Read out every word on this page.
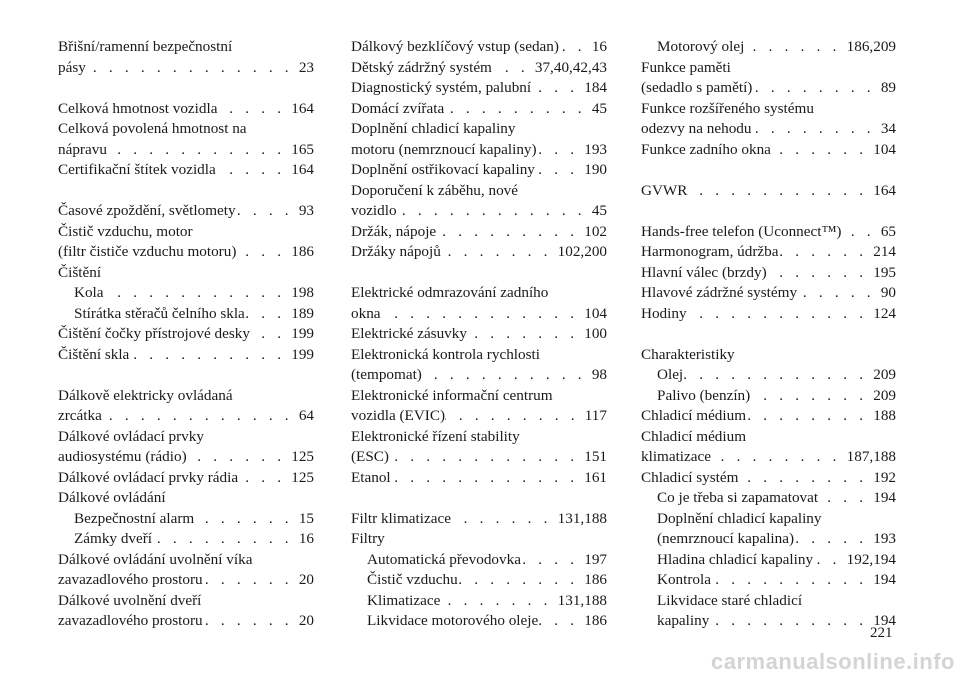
Břišní/ramenní bezpečnostní
pásy . . .	23
Celková hmotnost vozidla . . .	164
Celková povolená hmotnost na
nápravu . . .	165
Certifikační štítek vozidla . . .	164
Časové zpoždění, světlomety . . .	93
Čistič vzduchu, motor
(filtr čističe vzduchu motoru) . . .	186
Čištění
Kola . . .	198
Stírátka stěračů čelního skla . . .	189
Čištění čočky přístrojové desky . . .	199
Čištění skla . . .	199
Dálkově elektricky ovládaná
zrcátka . . .	64
Dálkové ovládací prvky
audiosystému (rádio) . . .	125
Dálkové ovládací prvky rádia . . .	125
Dálkové ovládání
Bezpečnostní alarm . . .	15
Zámky dveří . . .	16
Dálkové ovládání uvolnění víka
zavazadlového prostoru . . .	20
Dálkové uvolnění dveří
zavazadlového prostoru . . .	20
Dálkový bezklíčový vstup (sedan) . . . 16
Dětský zádržný systém . . .	37,40,42,43
Diagnostický systém, palubní . . .	184
Domácí zvířata . . .	45
Doplnění chladicí kapaliny
motoru (nemrznoucí kapaliny) . . .	193
Doplnění ostřikovací kapaliny . . .	190
Doporučení k záběhu, nové
vozidlo . . .	45
Držák, nápoje . . .	102
Držáky nápojů . . .	102,200
Elektrické odmrazování zadního
okna . . .	104
Elektrické zásuvky . . .	100
Elektronická kontrola rychlosti
(tempomat) . . .	98
Elektronické informační centrum
vozidla (EVIC) . . .	117
Elektronické řízení stability
(ESC) . . .	151
Etanol . . .	161
Filtr klimatizace . . .	131,188
Filtry
Automatická převodovka . . .	197
Čistič vzduchu . . .	186
Klimatizace . . .	131,188
Likvidace motorového oleje . . .	186
Motorový olej . . .	186,209
Funkce paměti
(sedadlo s pamětí) . . .	89
Funkce rozšířeného systému
odezvy na nehodu . . .	34
Funkce zadního okna . . .	104
GVWR . . .	164
Hands-free telefon (Uconnect™) . . .	65
Harmonogram, údržba . . .	214
Hlavní válec (brzdy) . . .	195
Hlavové zádržné systémy . . .	90
Hodiny . . .	124
Charakteristiky
Olej . . .	209
Palivo (benzín) . . .	209
Chladicí médium . . .	188
Chladicí médium
klimatizace . . .	187,188
Chladicí systém . . .	192
Co je třeba si zapamatovat . . .	194
Doplnění chladicí kapaliny
(nemrznoucí kapalina) . . .	193
Hladina chladicí kapaliny . . . 192,194
Kontrola . . .	194
Likvidace staré chladicí
kapaliny . . .	194
221
carmanualsonline.info
